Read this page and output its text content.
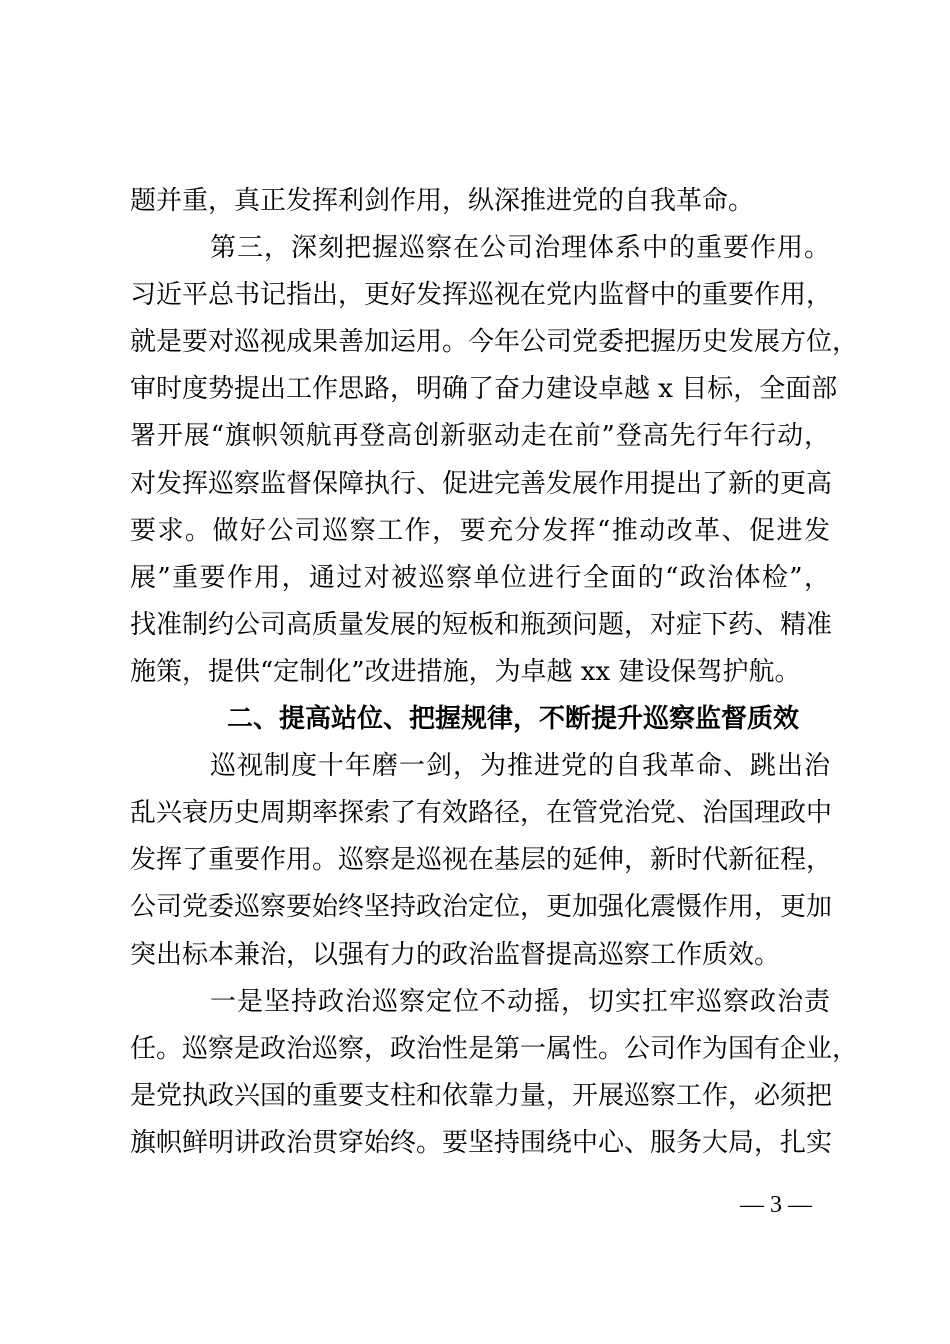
题并重，真正发挥利剑作用，纵深推进党的自我革命。
第三，深刻把握巡察在公司治理体系中的重要作用。
习近平总书记指出，更好发挥巡视在党内监督中的重要作用，
就是要对巡视成果善加运用。今年公司党委把握历史发展方位，
审时度势提出工作思路，明确了奋力建设卓越 x 目标，全面部
署开展“旗帜领航再登高创新驱动走在前”登高先行年行动，
对发挥巡察监督保障执行、促进完善发展作用提出了新的更高
要求。做好公司巡察工作，要充分发挥“推动改革、促进发
展”重要作用，通过对被巡察单位进行全面的“政治体检”，
找准制约公司高质量发展的短板和瓶颈问题，对症下药、精准
施策，提供“定制化”改进措施，为卓越 xx 建设保驾护航。
二、提高站位、把握规律，不断提升巡察监督质效
巡视制度十年磨一剑，为推进党的自我革命、跳出治
乱兴衰历史周期率探索了有效路径，在管党治党、治国理政中
发挥了重要作用。巡察是巡视在基层的延伸，新时代新征程，
公司党委巡察要始终坚持政治定位，更加强化震慑作用，更加
突出标本兼治，以强有力的政治监督提高巡察工作质效。
一是坚持政治巡察定位不动摇，切实扛牢巡察政治责
任。巡察是政治巡察，政治性是第一属性。公司作为国有企业，
是党执政兴国的重要支柱和依靠力量，开展巡察工作，必须把
旗帜鲜明讲政治贯穿始终。要坚持围绕中心、服务大局，扎实
— 3 —
